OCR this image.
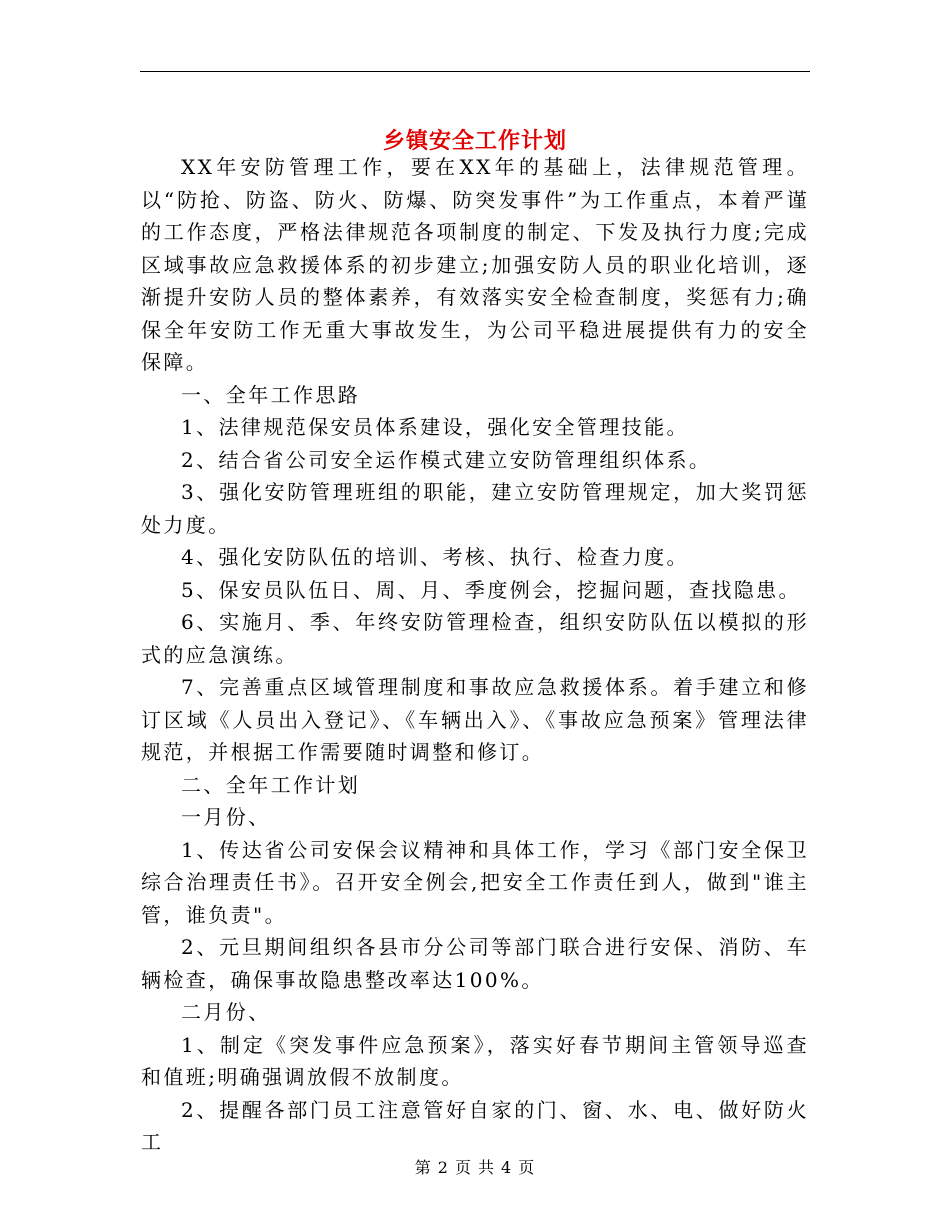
乡镇安全工作计划

XX年安防管理工作，要在XX年的基础上，法律规范管理。以“防抢、防盗、防火、防爆、防突发事件”为工作重点，本着严谨的工作态度，严格法律规范各项制度的制定、下发及执行力度;完成区域事故应急救援体系的初步建立;加强安防人员的职业化培训，逐渐提升安防人员的整体素养，有效落实安全检查制度，奖惩有力;确保全年安防工作无重大事故发生，为公司平稳进展提供有力的安全保障。

一、全年工作思路

1、法律规范保安员体系建设，强化安全管理技能。

2、结合省公司安全运作模式建立安防管理组织体系。

3、强化安防管理班组的职能，建立安防管理规定，加大奖罚惩处力度。

4、强化安防队伍的培训、考核、执行、检查力度。

5、保安员队伍日、周、月、季度例会，挖掘问题，查找隐患。

6、实施月、季、年终安防管理检查，组织安防队伍以模拟的形式的应急演练。

7、完善重点区域管理制度和事故应急救援体系。着手建立和修订区域《人员出入登记》、《车辆出入》、《事故应急预案》管理法律规范，并根据工作需要随时调整和修订。

二、全年工作计划

一月份、

1、传达省公司安保会议精神和具体工作，学习《部门安全保卫综合治理责任书》。召开安全例会,把安全工作责任到人，做到"谁主管，谁负责"。

2、元旦期间组织各县市分公司等部门联合进行安保、消防、车辆检查，确保事故隐患整改率达100%。

二月份、

1、制定《突发事件应急预案》，落实好春节期间主管领导巡查和值班;明确强调放假不放制度。

2、提醒各部门员工注意管好自家的门、窗、水、电、做好防火工

第 2 页 共 4 页
